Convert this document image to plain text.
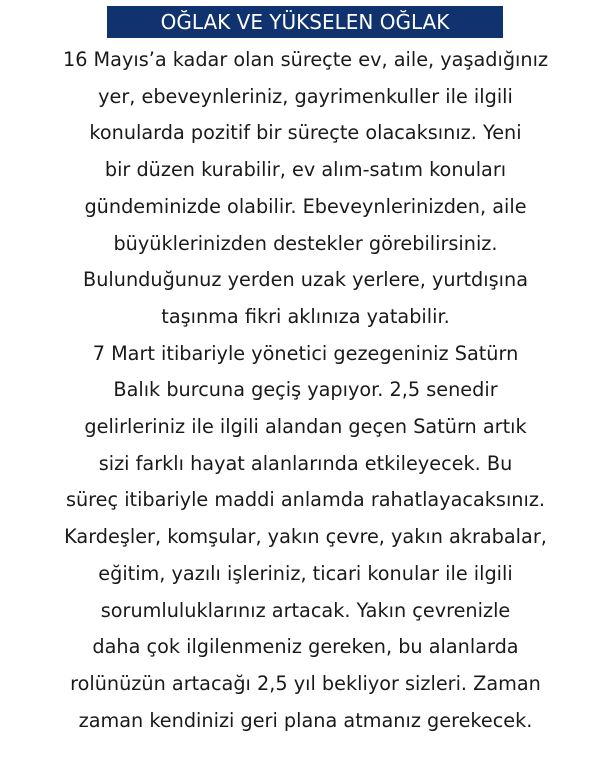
OĞLAK VE YÜKSELEN OĞLAK

16 Mayıs’a kadar olan süreçte ev, aile, yaşadığınız
yer, ebeveynleriniz, gayrimenkuller ile ilgili
konularda pozitif bir süreçte olacaksınız. Yeni
bir düzen kurabilir, ev alım-satım konuları
gündeminizde olabilir. Ebeveynlerinizden, aile
büyüklerinizden destekler görebilirsiniz.
Bulunduğunuz yerden uzak yerlere, yurtdışına
taşınma fikri aklınıza yatabilir.
7 Mart itibariyle yönetici gezegeniniz Satürn
Balık burcuna geçiş yapıyor. 2,5 senedir
gelirleriniz ile ilgili alandan geçen Satürn artık
sizi farklı hayat alanlarında etkileyecek. Bu
süreç itibariyle maddi anlamda rahatlayacaksınız.
Kardeşler, komşular, yakın çevre, yakın akrabalar,
eğitim, yazılı işleriniz, ticari konular ile ilgili
sorumluluklarınız artacak. Yakın çevrenizle
daha çok ilgilenmeniz gereken, bu alanlarda
rolünüzün artacağı 2,5 yıl bekliyor sizleri. Zaman
zaman kendinizi geri plana atmanız gerekecek.
